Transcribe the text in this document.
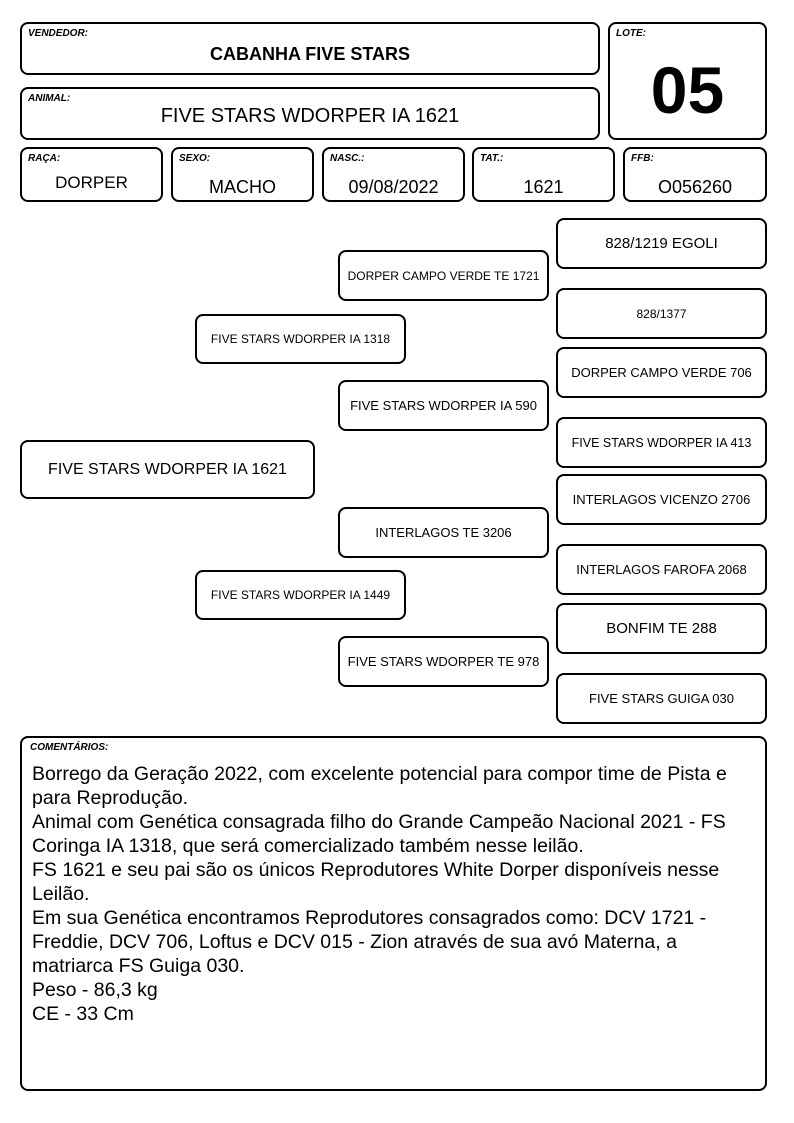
VENDEDOR:
CABANHA FIVE STARS
ANIMAL:
FIVE STARS WDORPER IA 1621
LOTE:
05
RAÇA:
DORPER
SEXO:
MACHO
NASC.:
09/08/2022
TAT.:
1621
FFB:
O056260
FIVE STARS WDORPER IA 1621
FIVE STARS WDORPER IA 1318
FIVE STARS WDORPER IA 1449
DORPER CAMPO VERDE TE 1721
FIVE STARS WDORPER IA 590
INTERLAGOS TE 3206
FIVE STARS WDORPER TE 978
828/1219 EGOLI
828/1377
DORPER CAMPO VERDE 706
FIVE STARS WDORPER IA 413
INTERLAGOS VICENZO 2706
INTERLAGOS FAROFA 2068
BONFIM TE 288
FIVE STARS GUIGA 030
COMENTÁRIOS:
Borrego da Geração 2022, com excelente potencial para compor time de Pista e para Reprodução.
Animal com Genética consagrada filho do Grande Campeão Nacional 2021 - FS Coringa IA 1318, que será comercializado também nesse leilão.
FS 1621 e seu pai são os únicos Reprodutores White Dorper disponíveis nesse Leilão.
Em sua Genética encontramos Reprodutores consagrados como: DCV 1721 - Freddie, DCV 706, Loftus e DCV 015 - Zion através de sua avó Materna, a matriarca FS Guiga 030.
Peso - 86,3 kg
CE - 33 Cm
